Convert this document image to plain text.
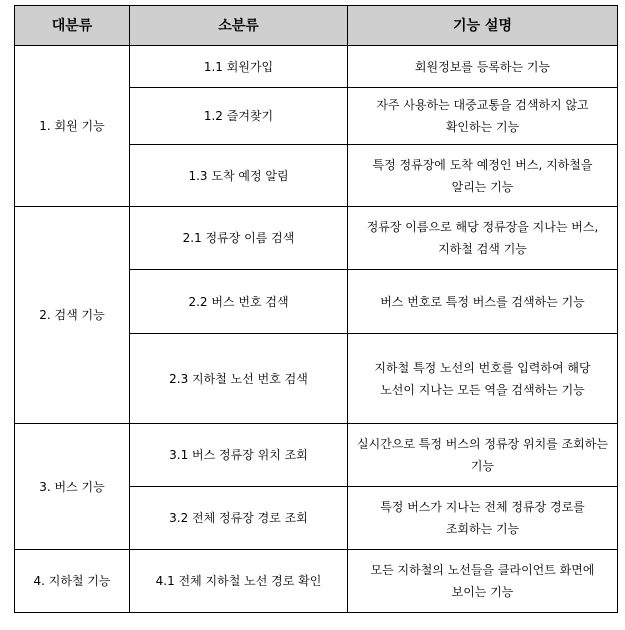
대분류	소분류	기능 설명
1. 회원 기능	1.1 회원가입	회원정보를 등록하는 기능
	1.2 즐겨찾기	자주 사용하는 대중교통을 검색하지 않고 확인하는 기능
	1.3 도착 예정 알림	특정 정류장에 도착 예정인 버스, 지하철을 알리는 기능
2. 검색 기능	2.1 정류장 이름 검색	정류장 이름으로 해당 정류장을 지나는 버스,지하철 검색 기능
	2.2 버스 번호 검색	버스 번호로 특정 버스를 검색하는 기능
	2.3 지하철 노선 번호 검색	지하철 특정 노선의 번호를 입력하여 해당 노선이 지나는 모든 역을 검색하는 기능
3. 버스 기능	3.1 버스 정류장 위치 조회	실시간으로 특정 버스의 정류장 위치를 조회하는 기능
	3.2 전체 정류장 경로 조회	특정 버스가 지나는 전체 정류장 경로를 조회하는 기능
4. 지하철 기능	4.1 전체 지하철 노선 경로 확인	모든 지하철의 노선들을 클라이언트 화면에 보이는 기능
